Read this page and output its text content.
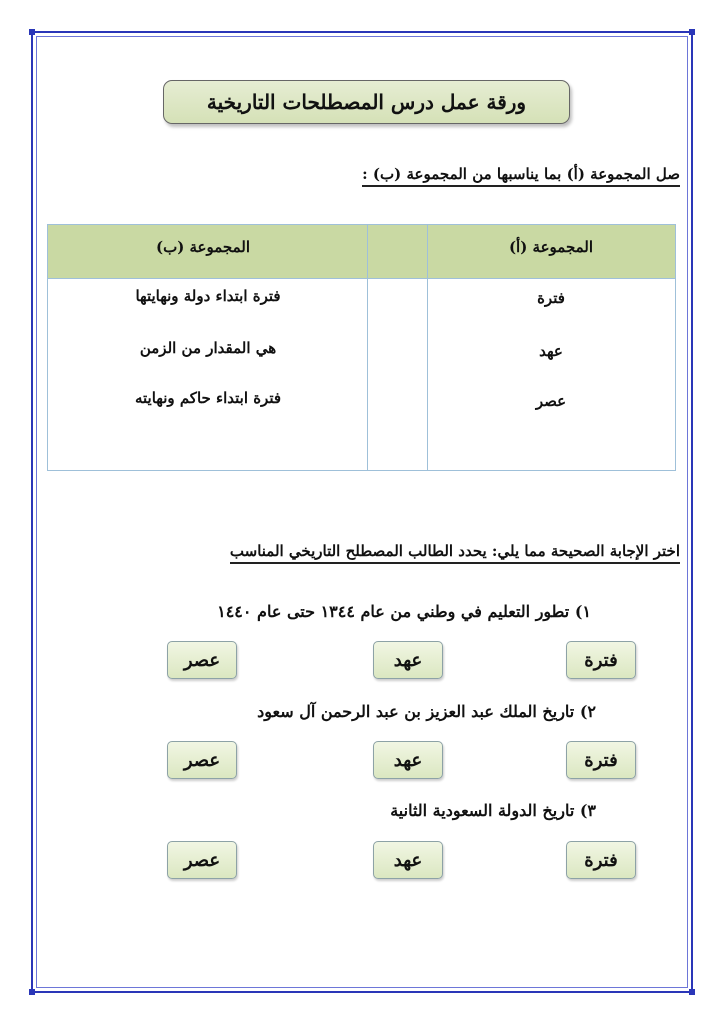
ورقة عمل درس المصطلحات التاريخية
صل المجموعة (أ) بما يناسبها من المجموعة (ب) :
المجموعة (أ)
المجموعة (ب)
فترة
عهد
عصر
فترة ابتداء دولة ونهايتها
هي المقدار من الزمن
فترة ابتداء حاكم ونهايته
اختر الإجابة الصحيحة مما يلي: يحدد الطالب المصطلح التاريخي المناسب
١) تطور التعليم في وطني من عام ١٣٤٤ حتى عام ١٤٤٠
فترة
عهد
عصر
٢) تاريخ الملك عبد العزيز بن عبد الرحمن آل سعود
فترة
عهد
عصر
٣) تاريخ الدولة السعودية الثانية
فترة
عهد
عصر
